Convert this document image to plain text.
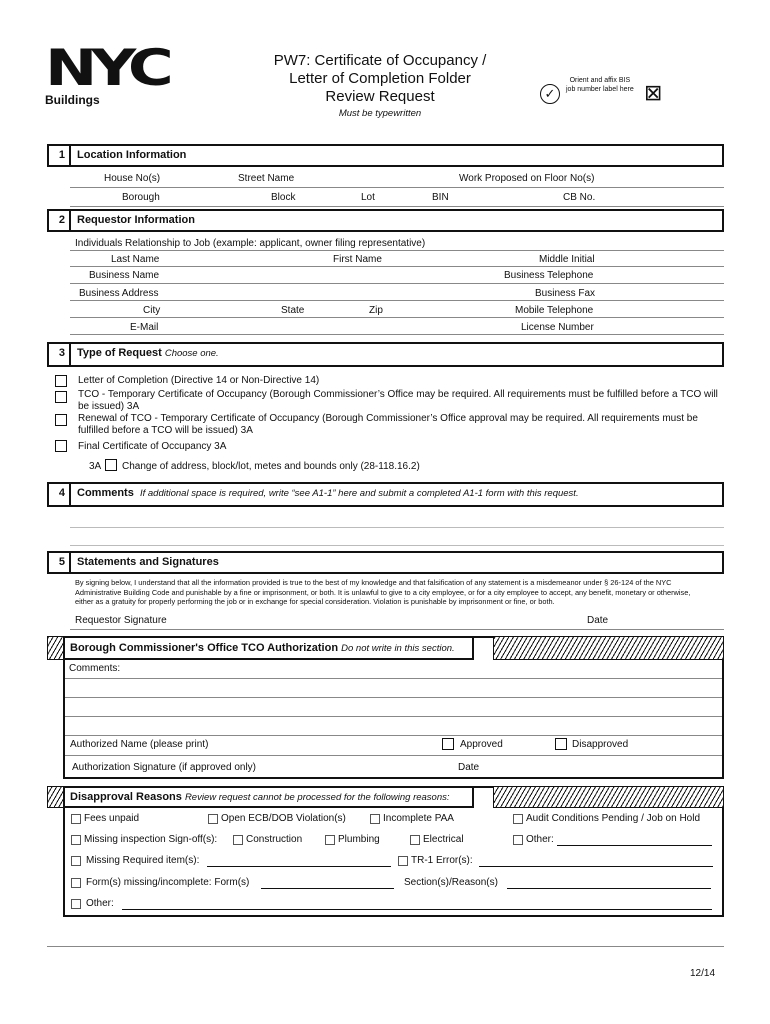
NYC
Buildings
PW7: Certificate of Occupancy /
Letter of Completion Folder
Review Request
Must be typewritten
✓
Orient and affix BIS
job number label here ⊠
1	Location Information
House No(s)	Street Name	Work Proposed on Floor No(s)
Borough	Block	Lot	BIN	CB No.
2	Requestor Information
Individuals Relationship to Job (example: applicant, owner filing representative)
Last Name	First Name	Middle Initial
Business Name	Business Telephone
Business Address	Business Fax
City	State	Zip	Mobile Telephone
E-Mail	License Number
3	Type of Request Choose one.
Letter of Completion (Directive 14 or Non-Directive 14)
TCO - Temporary Certificate of Occupancy (Borough Commissioner’s Office may be required. All requirements must be fulfilled before a TCO will
be issued) 3A
Renewal of TCO - Temporary Certificate of Occupancy (Borough Commissioner’s Office approval may be required. All requirements must be
fulfilled before a TCO will be issued) 3A
Final Certificate of Occupancy 3A
3A Change of address, block/lot, metes and bounds only (28-118.16.2)
4	Comments If additional space is required, write “see A1-1” here and submit a completed A1-1 form with this request.
5	Statements and Signatures
By signing below, I understand that all the information provided is true to the best of my knowledge and that falsification of any statement is a misdemeanor under § 26-124 of the NYC
Administrative Building Code and punishable by a fine or imprisonment, or both. It is unlawful to give to a city employee, or for a city employee to accept, any benefit, monetary or otherwise,
either as a gratuity for properly performing the job or in exchange for special consideration. Violation is punishable by imprisonment or fine, or both.
Requestor Signature	Date
Borough Commissioner's Office TCO Authorization Do not write in this section.
Comments:
Authorized Name (please print)	Approved	Disapproved
Authorization Signature (if approved only)	Date
Disapproval Reasons Review request cannot be processed for the following reasons:
Fees unpaid	Open ECB/DOB Violation(s)	Incomplete PAA	Audit Conditions Pending / Job on Hold
Missing inspection Sign-off(s):	Construction	Plumbing	Electrical	Other:
Missing Required item(s):	TR-1 Error(s):
Form(s) missing/incomplete: Form(s)	Section(s)/Reason(s)
Other:
12/14
